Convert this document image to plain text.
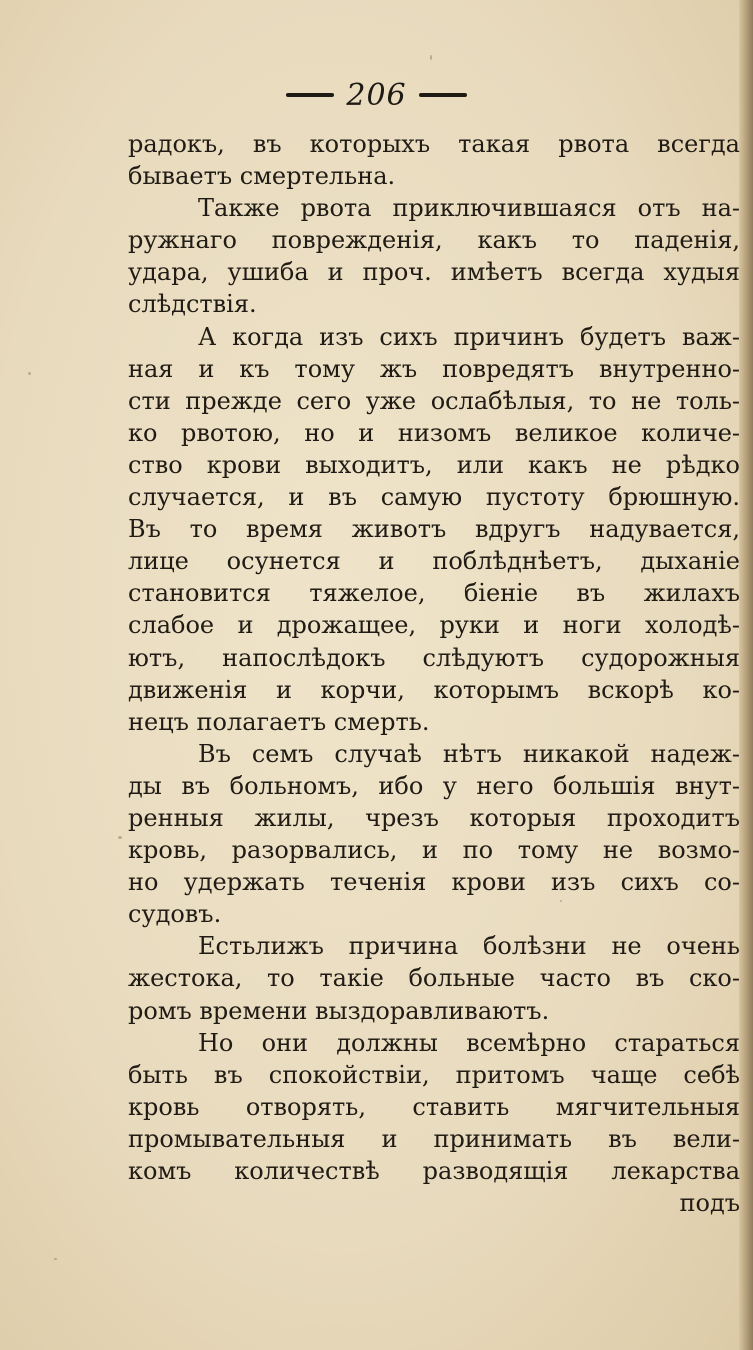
206
радокъ, въ которыхъ такая рвота всегда
бываетъ смертельна.
Также рвота приключившаяся отъ на-
ружнаго поврежденія, какъ то паденія,
удара, ушиба и проч. имѣетъ всегда худыя
слѣдствія.
А когда изъ сихъ причинъ будетъ важ-
ная и къ тому жъ повредятъ внутренно-
сти прежде сего уже ослабѣлыя, то не толь-
ко рвотою, но и низомъ великое количе-
ство крови выходитъ, или какъ не рѣдко
случается, и въ самую пустоту брюшную.
Въ то время животъ вдругъ надувается,
лице осунется и поблѣднѣетъ, дыханіе
становится тяжелое, біеніе въ жилахъ
слабое и дрожащее, руки и ноги холодѣ-
ютъ, напослѣдокъ слѣдуютъ судорожныя
движенія и корчи, которымъ вскорѣ ко-
нецъ полагаетъ смерть.
Въ семъ случаѣ нѣтъ никакой надеж-
ды въ больномъ, ибо у него большія внут-
ренныя жилы, чрезъ которыя проходитъ
кровь, разорвались, и по тому не возмо-
но удержать теченія крови изъ сихъ со-
судовъ.
Естьлижъ причина болѣзни не очень
жестока, то такіе больные часто въ ско-
ромъ времени выздоравливаютъ.
Но они должны всемѣрно стараться
быть въ спокойствіи, притомъ чаще себѣ
кровь отворять, ставить мягчительныя
промывательныя и принимать въ вели-
комъ количествѣ разводящія лекарства
подъ
